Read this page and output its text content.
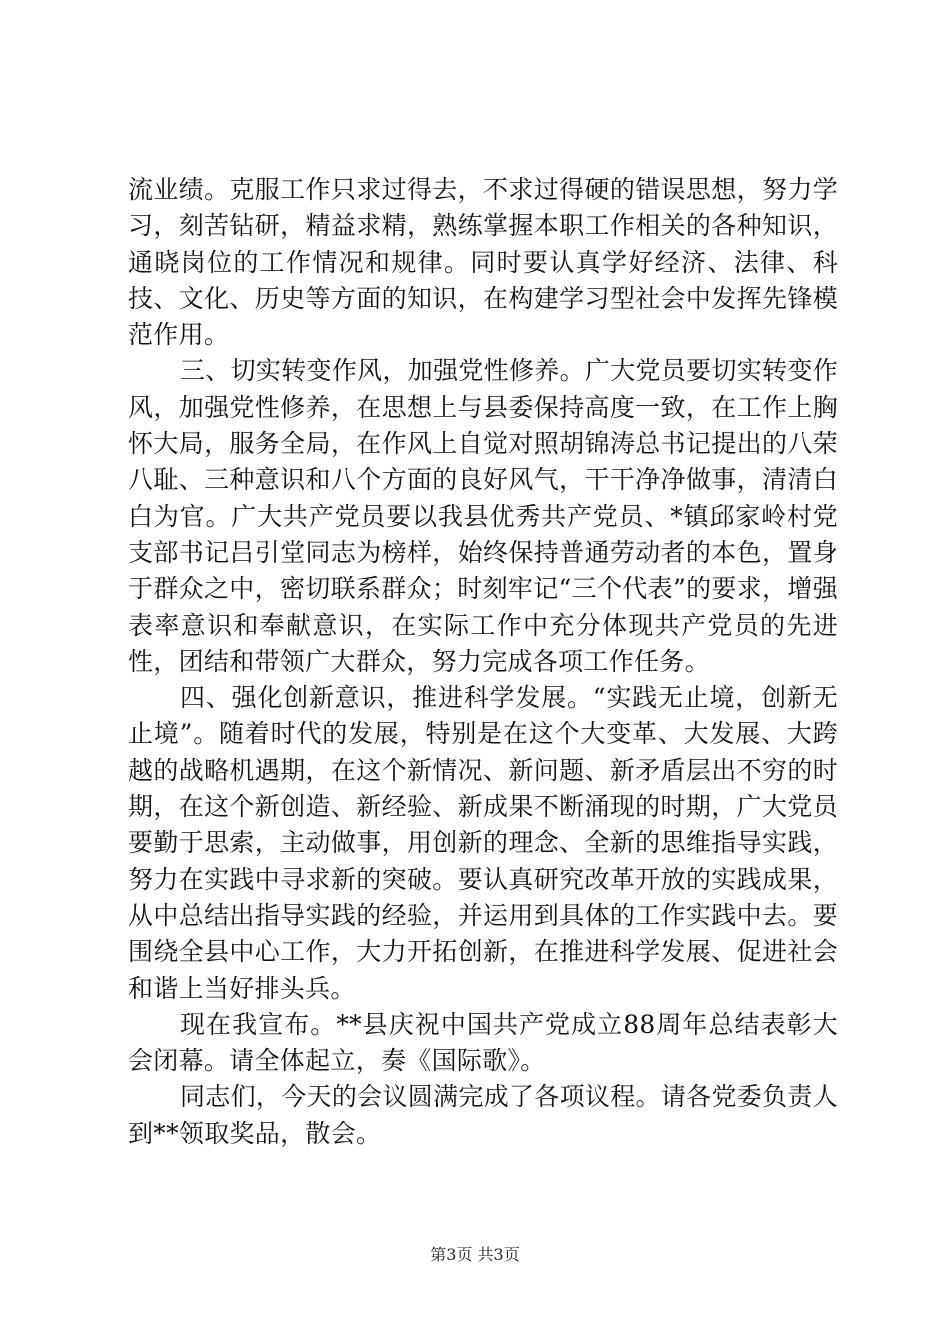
流业绩。克服工作只求过得去，不求过得硬的错误思想，努力学习，刻苦钻研，精益求精，熟练掌握本职工作相关的各种知识，通晓岗位的工作情况和规律。同时要认真学好经济、法律、科技、文化、历史等方面的知识，在构建学习型社会中发挥先锋模范作用。

三、切实转变作风，加强党性修养。广大党员要切实转变作风，加强党性修养，在思想上与县委保持高度一致，在工作上胸怀大局，服务全局，在作风上自觉对照胡锦涛总书记提出的八荣八耻、三种意识和八个方面的良好风气，干干净净做事，清清白白为官。广大共产党员要以我县优秀共产党员、*镇邱家岭村党支部书记吕引堂同志为榜样，始终保持普通劳动者的本色，置身于群众之中，密切联系群众；时刻牢记“三个代表”的要求，增强表率意识和奉献意识，在实际工作中充分体现共产党员的先进性，团结和带领广大群众，努力完成各项工作任务。

四、强化创新意识，推进科学发展。“实践无止境，创新无止境”。随着时代的发展，特别是在这个大变革、大发展、大跨越的战略机遇期，在这个新情况、新问题、新矛盾层出不穷的时期，在这个新创造、新经验、新成果不断涌现的时期，广大党员要勤于思索，主动做事，用创新的理念、全新的思维指导实践，努力在实践中寻求新的突破。要认真研究改革开放的实践成果，从中总结出指导实践的经验，并运用到具体的工作实践中去。要围绕全县中心工作，大力开拓创新，在推进科学发展、促进社会和谐上当好排头兵。

现在我宣布。**县庆祝中国共产党成立88周年总结表彰大会闭幕。请全体起立，奏《国际歌》。

同志们，今天的会议圆满完成了各项议程。请各党委负责人到**领取奖品，散会。

第3页 共3页
